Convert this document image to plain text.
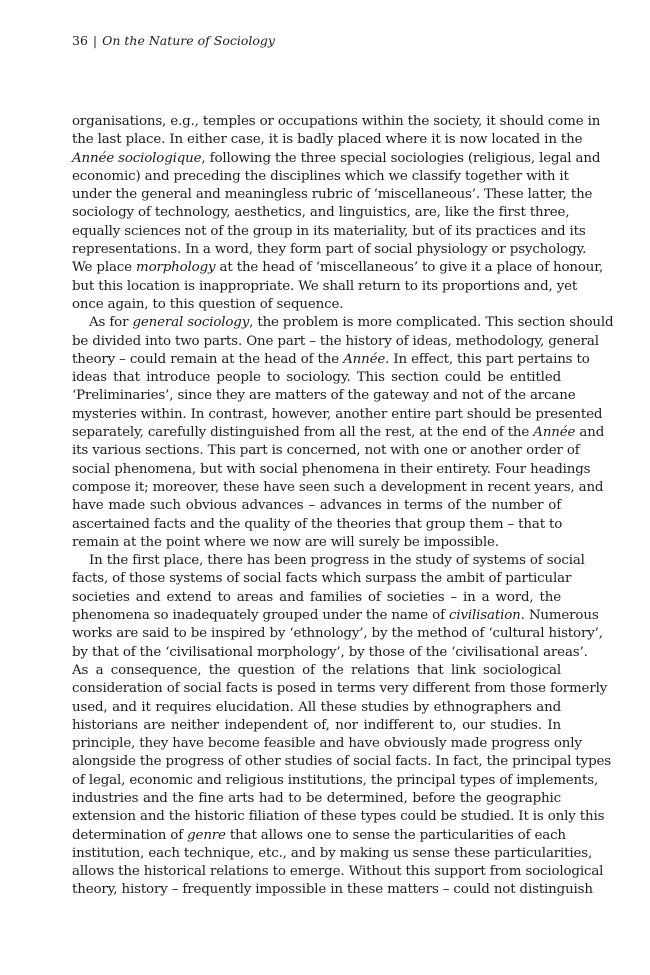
36 | On the Nature of Sociology

organisations, e.g., temples or occupations within the society, it should come in
the last place. In either case, it is badly placed where it is now located in the
Année sociologique, following the three special sociologies (religious, legal and
economic) and preceding the disciplines which we classify together with it
under the general and meaningless rubric of ‘miscellaneous’. These latter, the
sociology of technology, aesthetics, and linguistics, are, like the first three,
equally sciences not of the group in its materiality, but of its practices and its
representations. In a word, they form part of social physiology or psychology.
We place morphology at the head of ‘miscellaneous’ to give it a place of honour,
but this location is inappropriate. We shall return to its proportions and, yet
once again, to this question of sequence.

As for general sociology, the problem is more complicated. This section should
be divided into two parts. One part – the history of ideas, methodology, general
theory – could remain at the head of the Année. In effect, this part pertains to
ideas that introduce people to sociology. This section could be entitled
‘Preliminaries’, since they are matters of the gateway and not of the arcane
mysteries within. In contrast, however, another entire part should be presented
separately, carefully distinguished from all the rest, at the end of the Année and
its various sections. This part is concerned, not with one or another order of
social phenomena, but with social phenomena in their entirety. Four headings
compose it; moreover, these have seen such a development in recent years, and
have made such obvious advances – advances in terms of the number of
ascertained facts and the quality of the theories that group them – that to
remain at the point where we now are will surely be impossible.

In the first place, there has been progress in the study of systems of social
facts, of those systems of social facts which surpass the ambit of particular
societies and extend to areas and families of societies – in a word, the
phenomena so inadequately grouped under the name of civilisation. Numerous
works are said to be inspired by ‘ethnology’, by the method of ‘cultural history’,
by that of the ‘civilisational morphology’, by those of the ‘civilisational areas’.
As a consequence, the question of the relations that link sociological
consideration of social facts is posed in terms very different from those formerly
used, and it requires elucidation. All these studies by ethnographers and
historians are neither independent of, nor indifferent to, our studies. In
principle, they have become feasible and have obviously made progress only
alongside the progress of other studies of social facts. In fact, the principal types
of legal, economic and religious institutions, the principal types of implements,
industries and the fine arts had to be determined, before the geographic
extension and the historic filiation of these types could be studied. It is only this
determination of genre that allows one to sense the particularities of each
institution, each technique, etc., and by making us sense these particularities,
allows the historical relations to emerge. Without this support from sociological
theory, history – frequently impossible in these matters – could not distinguish
